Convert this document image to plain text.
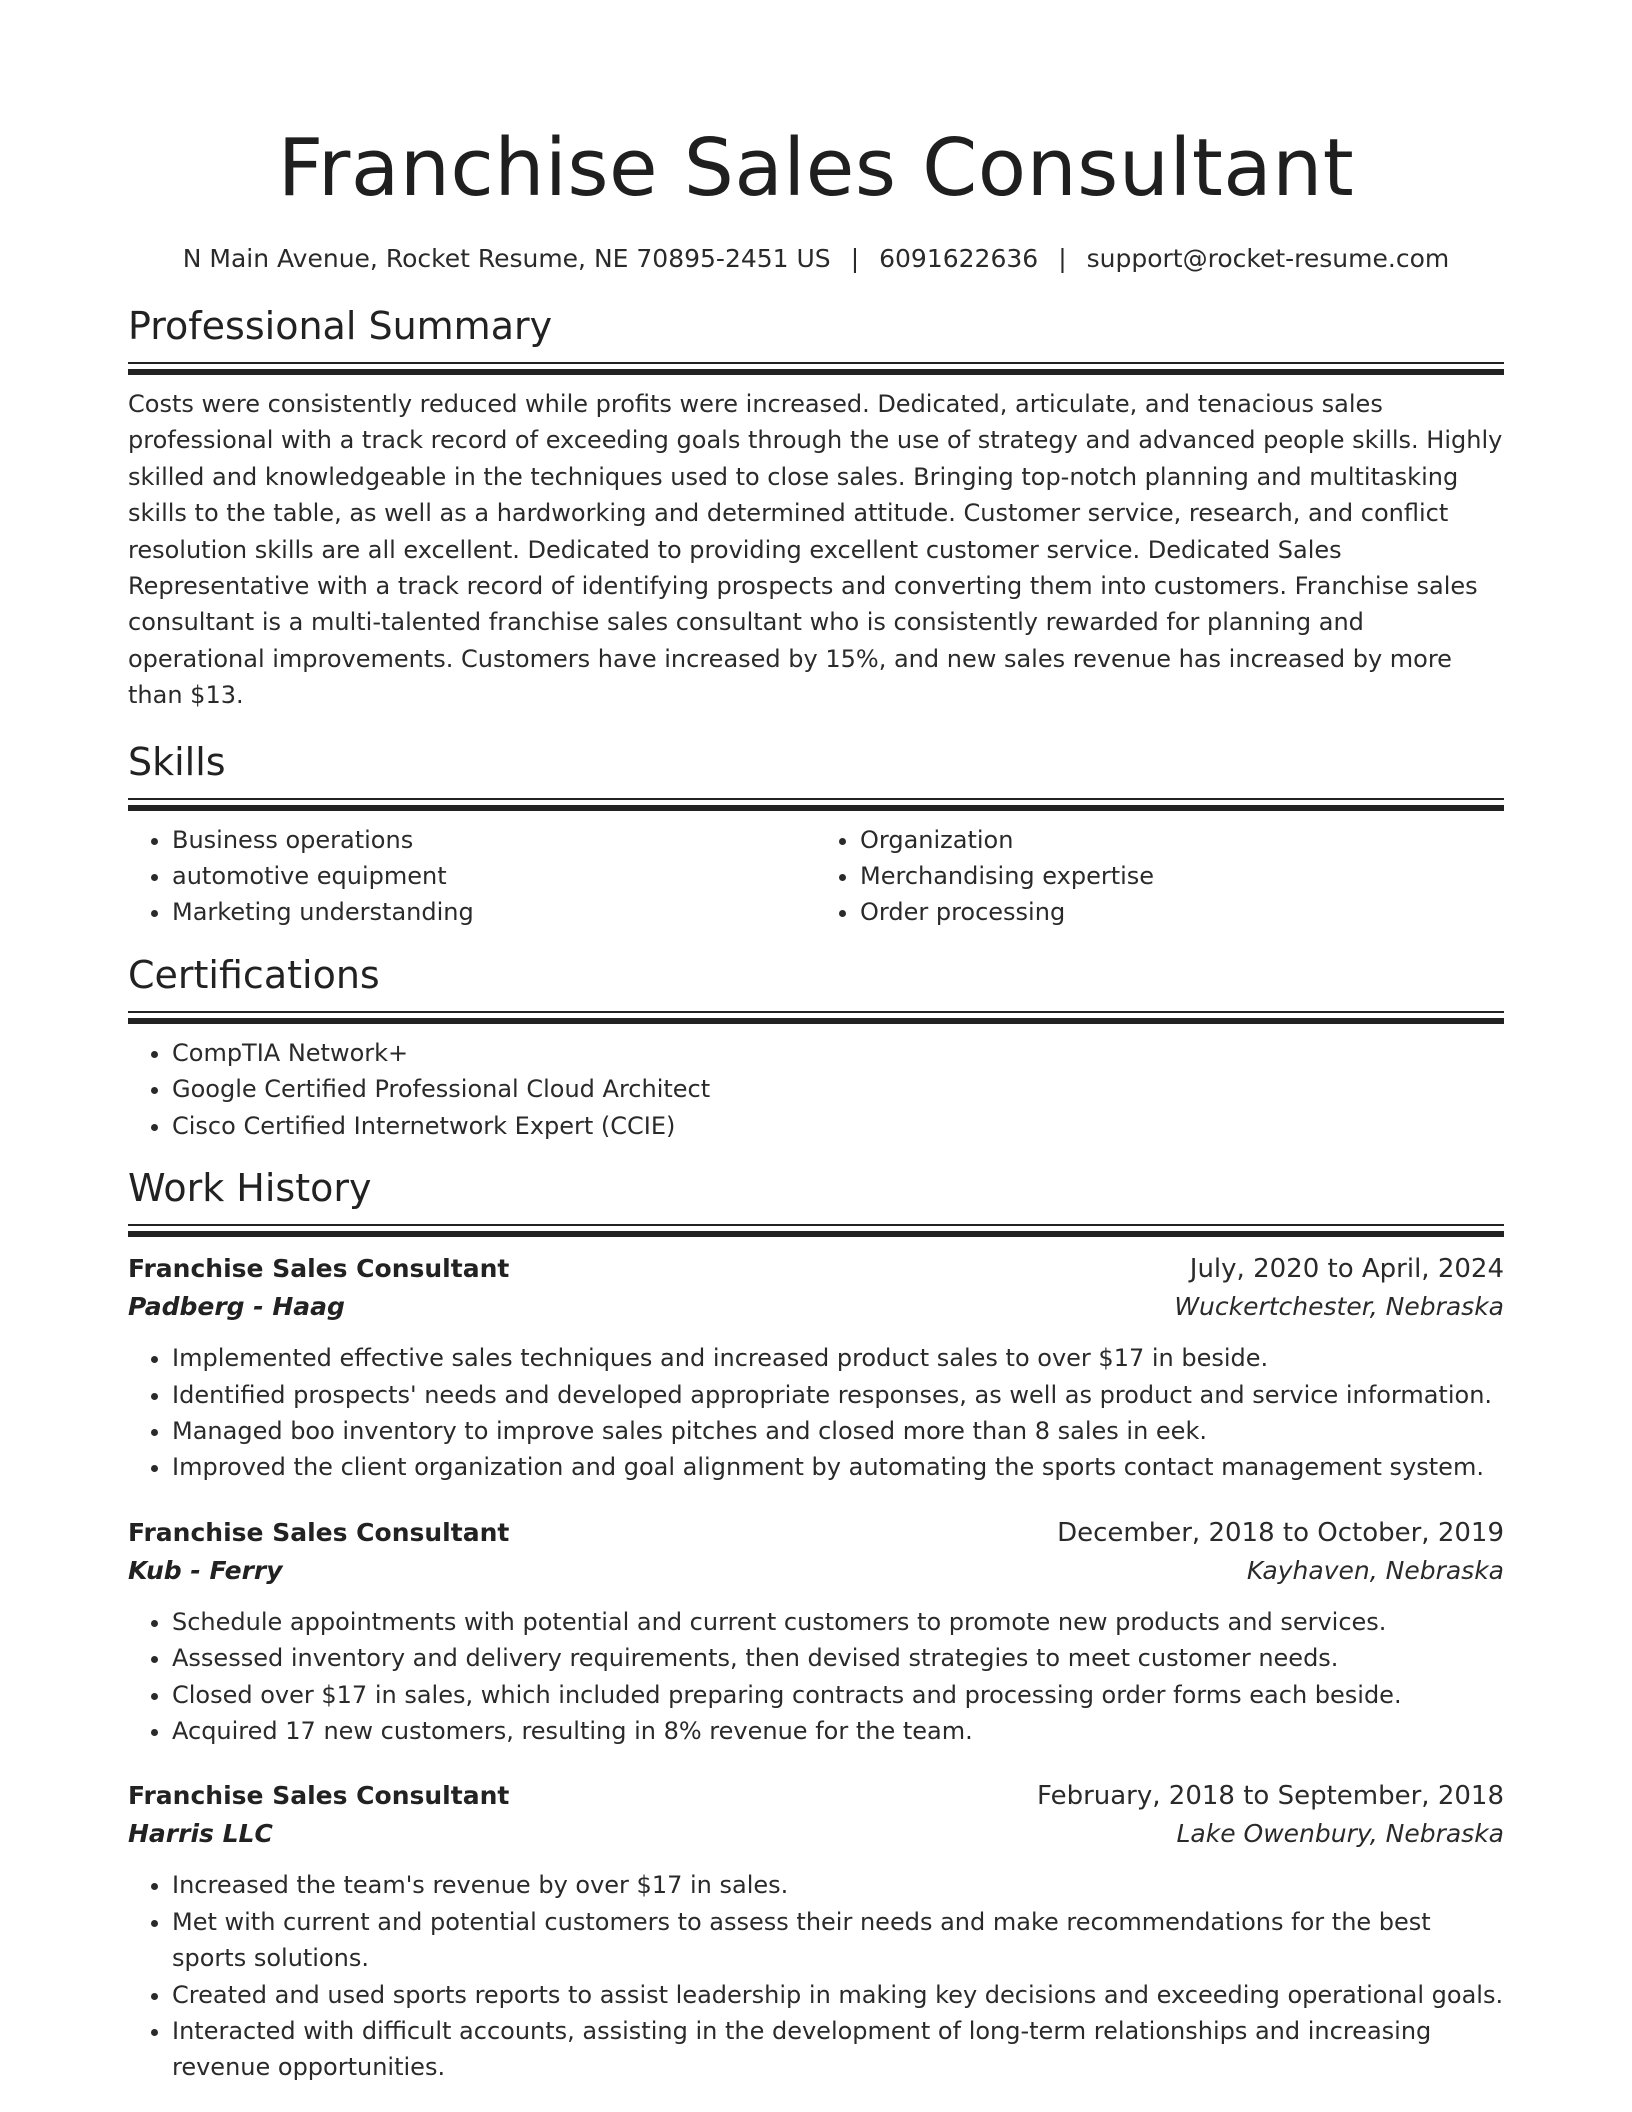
Franchise Sales Consultant
N Main Avenue, Rocket Resume, NE 70895-2451 US | 6091622636 | support@rocket-resume.com
Professional Summary
Costs were consistently reduced while profits were increased. Dedicated, articulate, and tenacious sales professional with a track record of exceeding goals through the use of strategy and advanced people skills. Highly skilled and knowledgeable in the techniques used to close sales. Bringing top-notch planning and multitasking skills to the table, as well as a hardworking and determined attitude. Customer service, research, and conflict resolution skills are all excellent. Dedicated to providing excellent customer service. Dedicated Sales Representative with a track record of identifying prospects and converting them into customers. Franchise sales consultant is a multi-talented franchise sales consultant who is consistently rewarded for planning and operational improvements. Customers have increased by 15%, and new sales revenue has increased by more than $13.
Skills
• Business operations
• automotive equipment
• Marketing understanding
• Organization
• Merchandising expertise
• Order processing
Certifications
• CompTIA Network+
• Google Certified Professional Cloud Architect
• Cisco Certified Internetwork Expert (CCIE)
Work History
Franchise Sales Consultant	July, 2020 to April, 2024
Padberg - Haag	Wuckertchester, Nebraska
• Implemented effective sales techniques and increased product sales to over $17 in beside.
• Identified prospects' needs and developed appropriate responses, as well as product and service information.
• Managed boo inventory to improve sales pitches and closed more than 8 sales in eek.
• Improved the client organization and goal alignment by automating the sports contact management system.
Franchise Sales Consultant	December, 2018 to October, 2019
Kub - Ferry	Kayhaven, Nebraska
• Schedule appointments with potential and current customers to promote new products and services.
• Assessed inventory and delivery requirements, then devised strategies to meet customer needs.
• Closed over $17 in sales, which included preparing contracts and processing order forms each beside.
• Acquired 17 new customers, resulting in 8% revenue for the team.
Franchise Sales Consultant	February, 2018 to September, 2018
Harris LLC	Lake Owenbury, Nebraska
• Increased the team's revenue by over $17 in sales.
• Met with current and potential customers to assess their needs and make recommendations for the best sports solutions.
• Created and used sports reports to assist leadership in making key decisions and exceeding operational goals.
• Interacted with difficult accounts, assisting in the development of long-term relationships and increasing revenue opportunities.
